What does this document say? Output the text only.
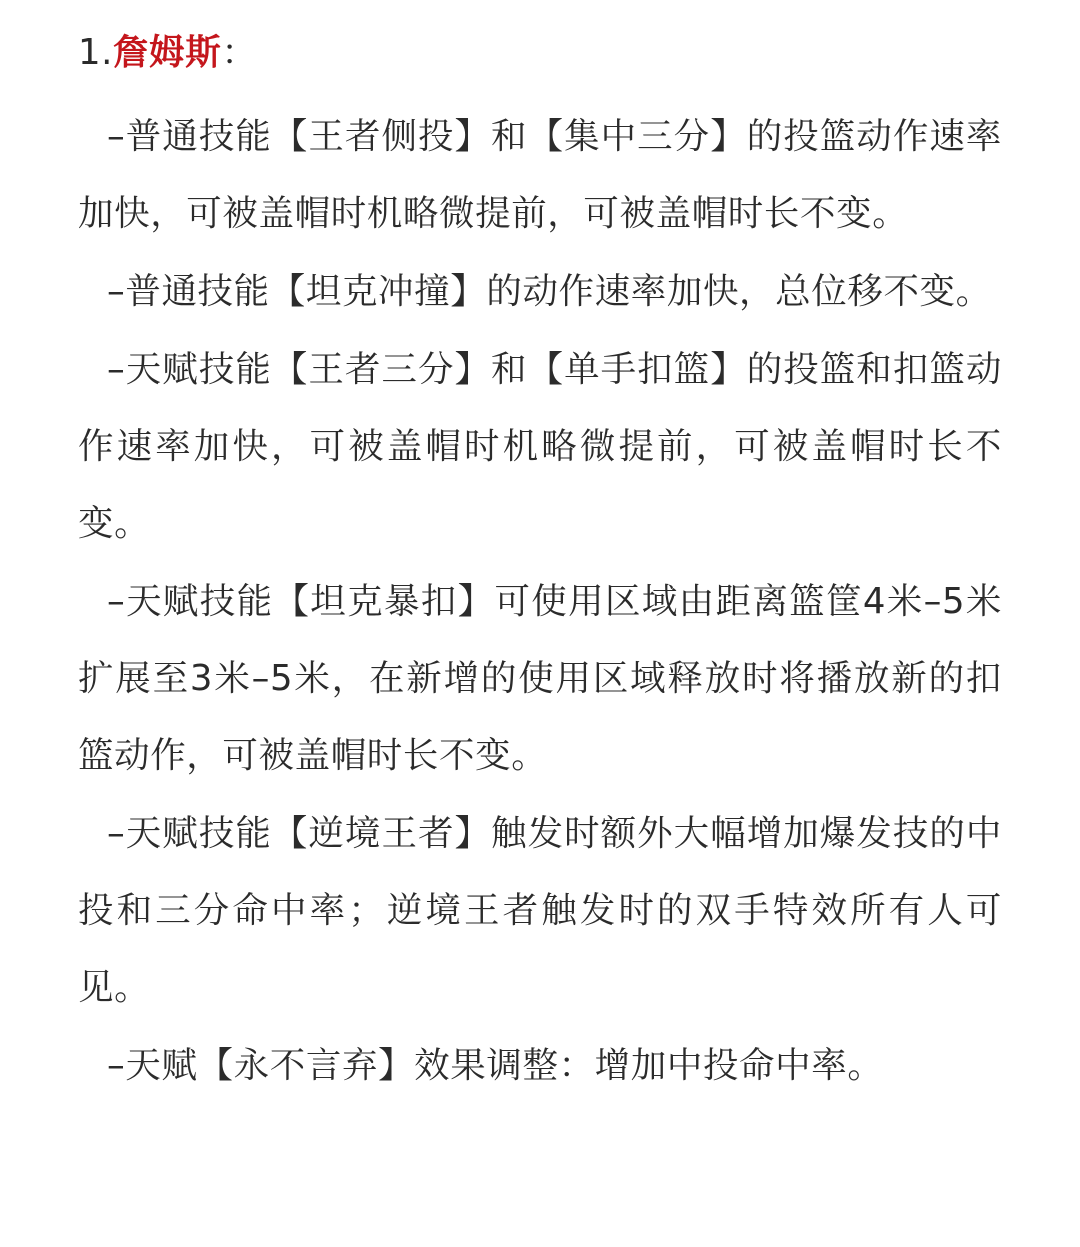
1.詹姆斯：

–普通技能【王者侧投】和【集中三分】的投篮动作速率加快，可被盖帽时机略微提前，可被盖帽时长不变。

–普通技能【坦克冲撞】的动作速率加快，总位移不变。

–天赋技能【王者三分】和【单手扣篮】的投篮和扣篮动作速率加快，可被盖帽时机略微提前，可被盖帽时长不变。

–天赋技能【坦克暴扣】可使用区域由距离篮筐4米–5米扩展至3米–5米，在新增的使用区域释放时将播放新的扣篮动作，可被盖帽时长不变。

–天赋技能【逆境王者】触发时额外大幅增加爆发技的中投和三分命中率；逆境王者触发时的双手特效所有人可见。

–天赋【永不言弃】效果调整：增加中投命中率。
